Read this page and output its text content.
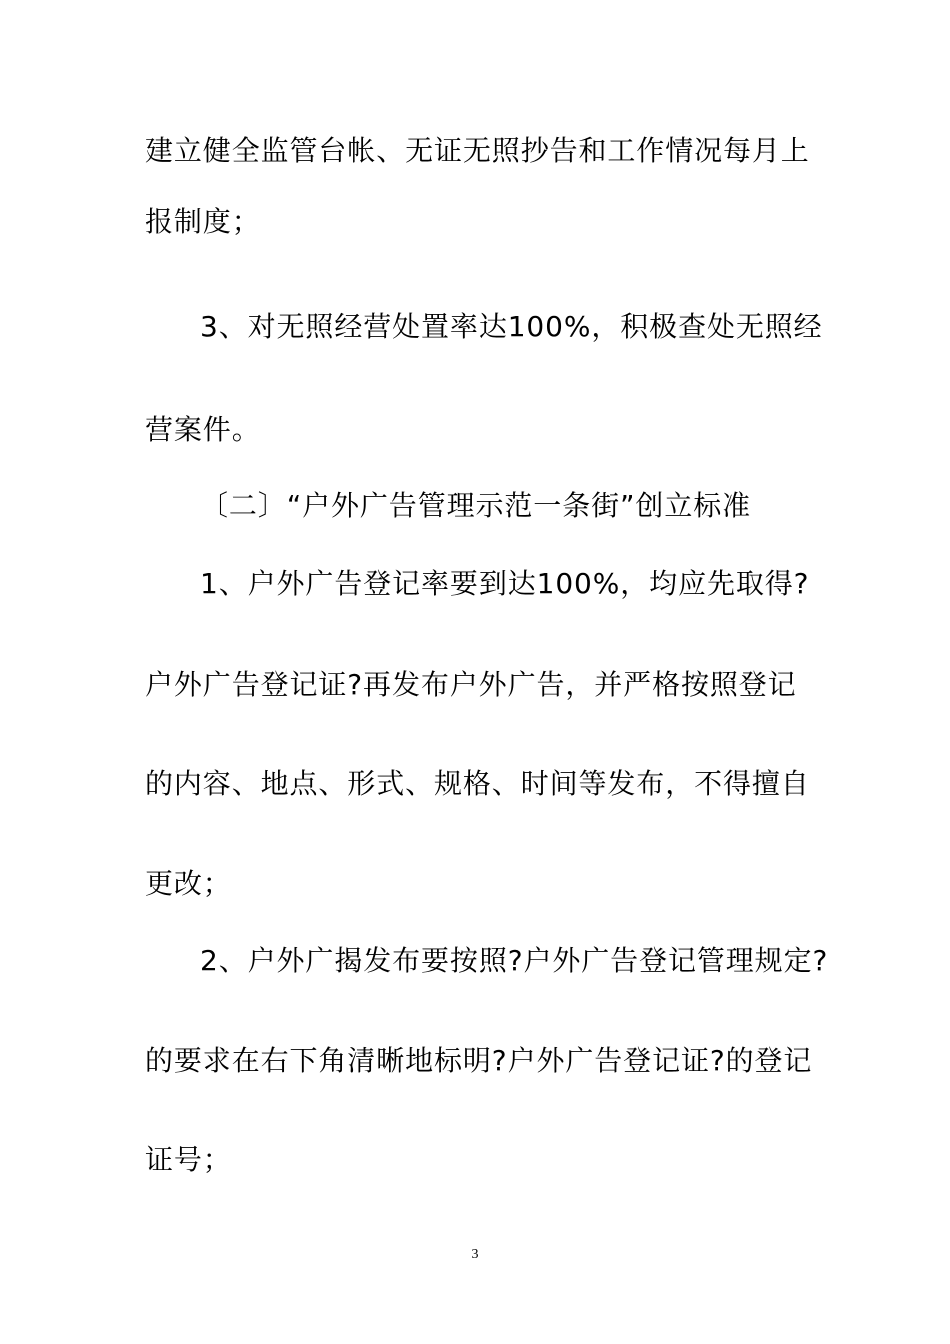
建立健全监管台帐、无证无照抄告和工作情况每月上
报制度；
3、对无照经营处置率达100%，积极查处无照经
营案件。
〔二〕“户外广告管理示范一条街”创立标准
1、户外广告登记率要到达100%，均应先取得?
户外广告登记证?再发布户外广告，并严格按照登记
的内容、地点、形式、规格、时间等发布，不得擅自
更改；
2、户外广揭发布要按照?户外广告登记管理规定?
的要求在右下角清晰地标明?户外广告登记证?的登记
证号；
3
